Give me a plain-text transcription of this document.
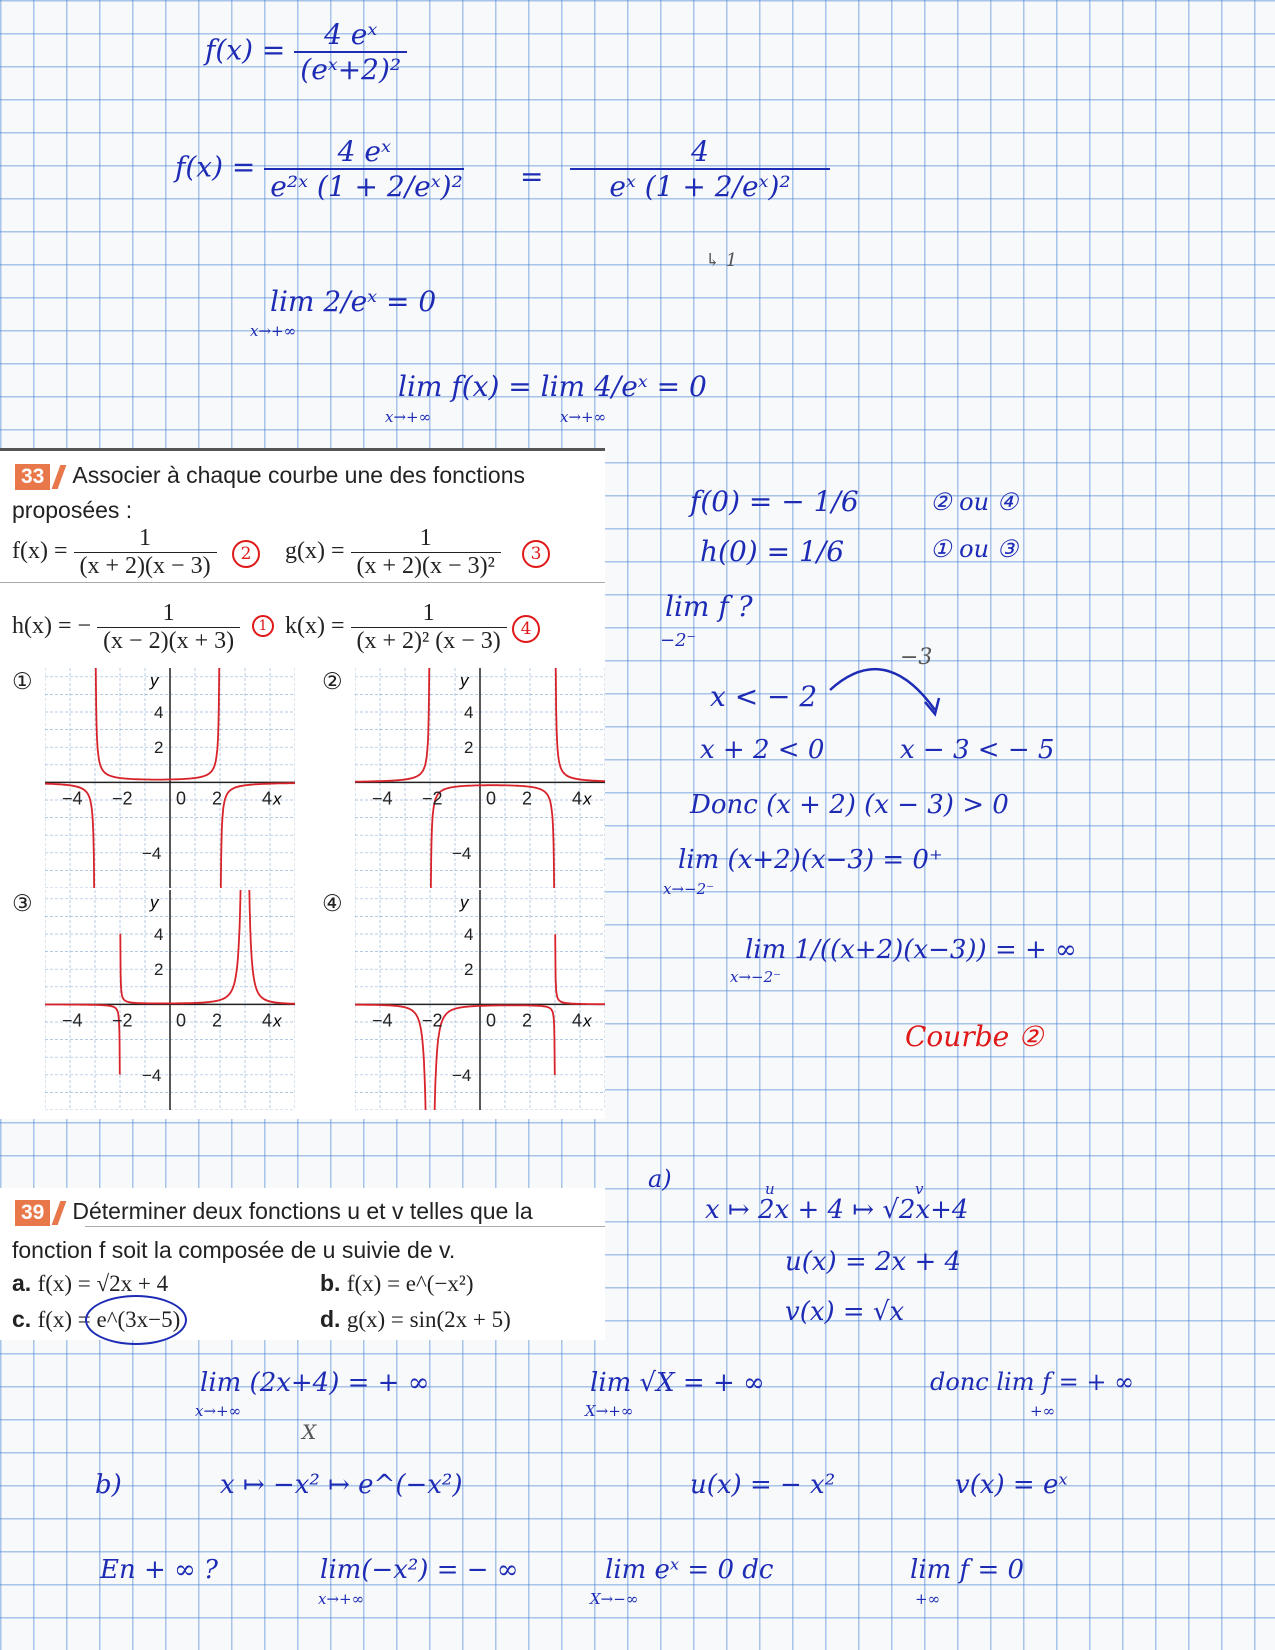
$f(x) = \frac{\text{4 eˣ}}{\text{(eˣ+2)²}}$
$f(x) = \frac{\text{4 eˣ}}{\text{e²ˣ (1 + 2/eˣ)²}} = \frac{4}{\text{eˣ (1 + 2/eˣ)²}}$
↳ 1
lim 2/eˣ = 0
x→+∞
lim f(x) = lim 4/eˣ = 0
x→+∞	x→+∞
33 Associer à chaque courbe une des fonctions
proposées :
$f(x) = \frac{1}{(x + 2)(x - 3)}$	2	$g(x) = \frac{1}{\text{(x + 2)(x − 3)²}}$	3
h(x) = − $\frac{1}{(x - 2)(x + 3)}$	1 $k(x) = \frac{1}{\text{(x + 2)² (x − 3)}} 4$
①
−4 −2 0 2 4
4
2
−4
x
y	②
−4 −2 0 2 4
4
2
−4
x
y
③
−4 −2 0 2 4
4
2
−4
x
y	④
−4 −2 0 2 4
4
2
−4
x
y
f(0) = − 1/6	② ou ④
h(0) = 1/6	① ou ③
lim f ?
−2⁻
−3
x < − 2
x + 2 < 0	x − 3 < − 5
Donc (x + 2) (x − 3) > 0
lim (x+2)(x−3) = 0⁺
x→−2⁻
lim 1/((x+2)(x−3)) = + ∞
x→−2⁻
Courbe ②
39 Déterminer deux fonctions u et v telles que la
fonction f soit la composée de u suivie de v.
a. f(x) = √2x + 4	b. f(x) = e^(−x²)
c. f(x) = e^(3x−5)	d. g(x) = sin(2x + 5)
a)
x ↦ 2x + 4 ↦ √2x+4
u	v
u(x) = 2x + 4
v(x) = √x
lim (2x+4) = + ∞
x→+∞
X
lim √X = + ∞
X→+∞
donc lim f = + ∞
+∞
b)	x ↦ −x² ↦ e^(−x²)	u(x) = − x²	v(x) = eˣ
En + ∞ ?	lim(−x²) = − ∞
x→+∞
lim eˣ = 0 dc
X→−∞
lim f = 0
+∞
